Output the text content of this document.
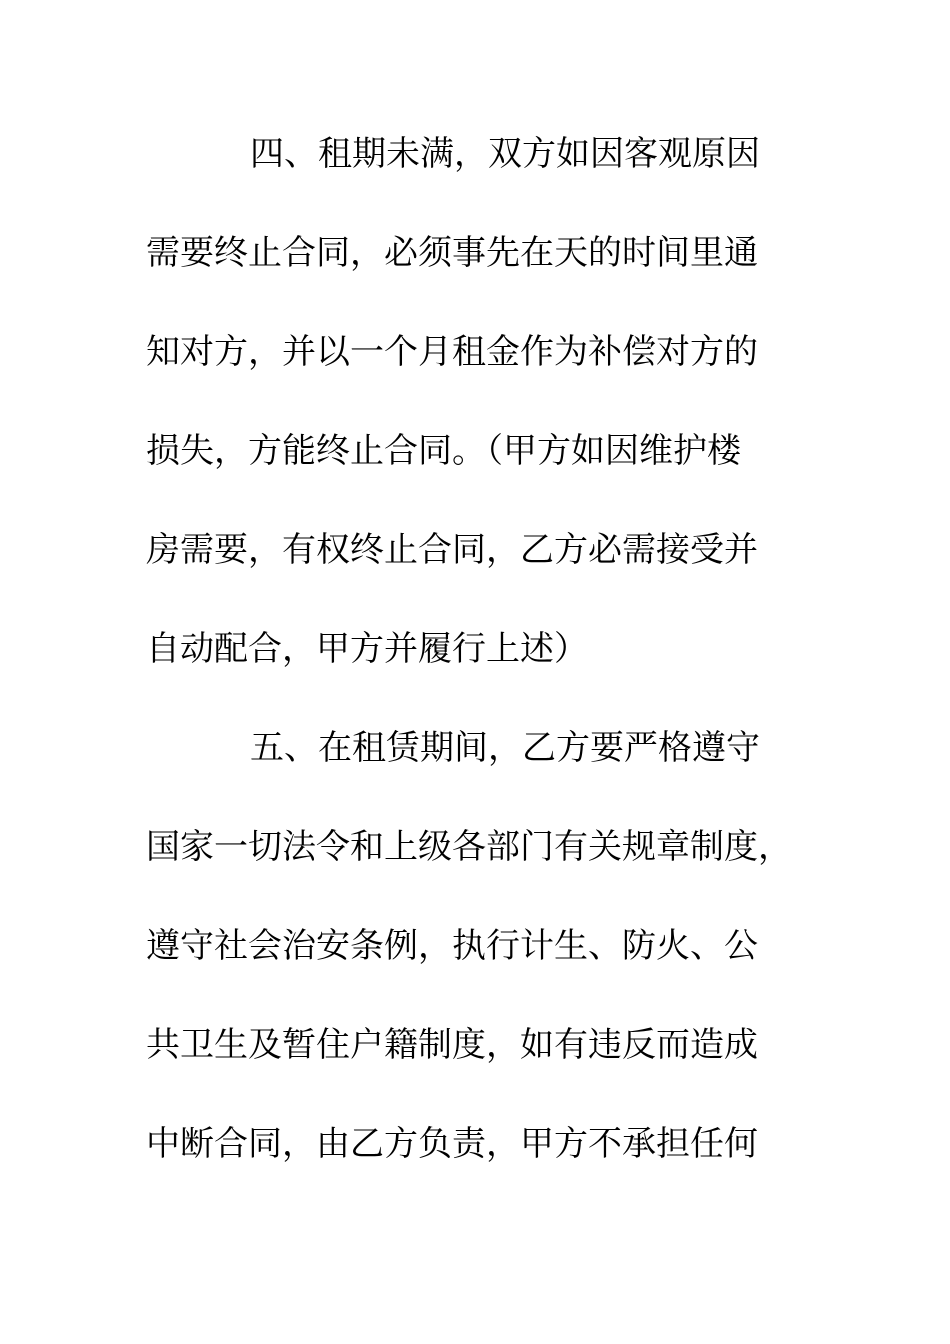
四、租期未满，双方如因客观原因
需要终止合同，必须事先在天的时间里通
知对方，并以一个月租金作为补偿对方的
损失，方能终止合同。（甲方如因维护楼
房需要，有权终止合同，乙方必需接受并
自动配合，甲方并履行上述）
五、在租赁期间，乙方要严格遵守
国家一切法令和上级各部门有关规章制度，
遵守社会治安条例，执行计生、防火、公
共卫生及暂住户籍制度，如有违反而造成
中断合同，由乙方负责，甲方不承担任何
